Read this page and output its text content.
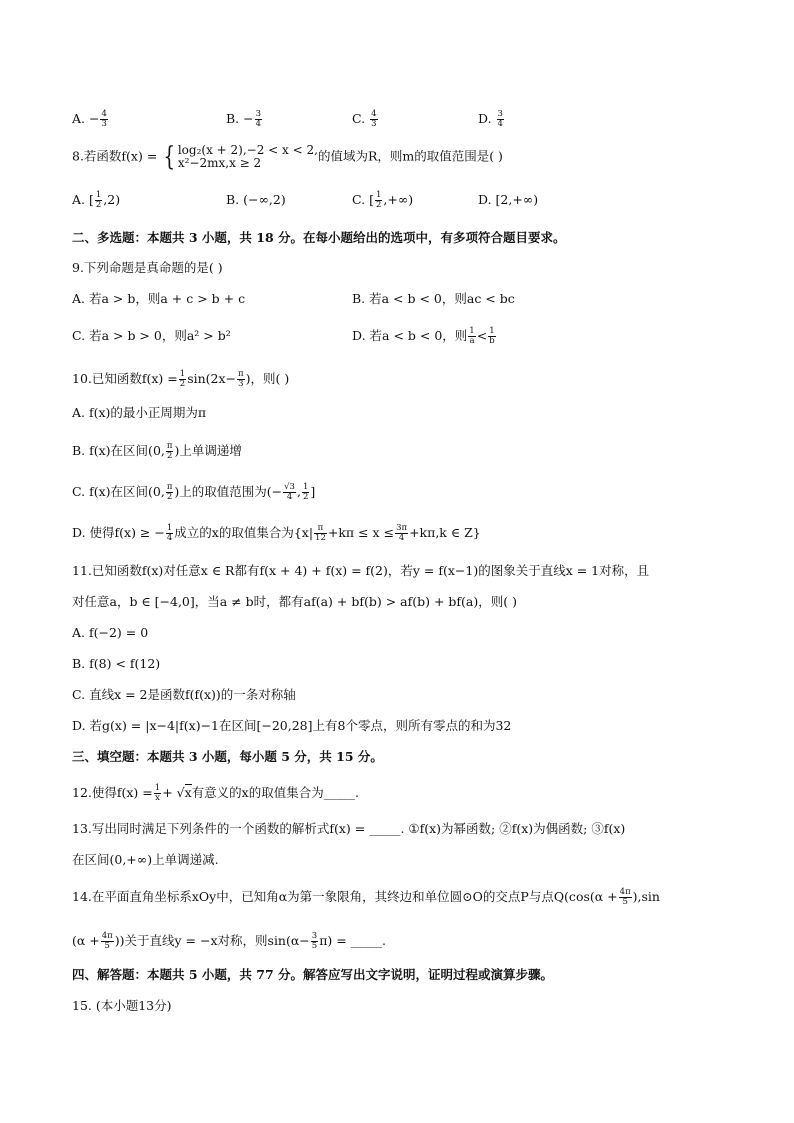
A. − $\frac{4}{3}$	B. − $\frac{3}{4}$	C. $\frac{4}{3}$	D. $\frac{3}{4}$
8.若函数f(x) = { log₂(x + 2),−2 < x < 2,
x²−2mx,x ≥ 2	的值域为R，则m的取值范围是( )
A. [ $\frac{1}{2} ,2$)	B. (−∞,2)	C. [ $\frac{1}{2}$ ,+∞)	D. [2,+∞)
二、多选题：本题共 3 小题，共 18 分。在每小题给出的选项中，有多项符合题目要求。
9.下列命题是真命题的是( )
A. 若a > b，则a + c > b + c	B. 若a < b < 0，则ac < bc
C. 若a > b > 0，则a² > b²	D. 若a < b < 0，则 $\frac{1}{a} < \frac{1}{b}$
10.已知函数$f(x) = \frac{1}{2} \sin(2x- \frac{\pi}{3}$ )，则( )
A. f(x)的最小正周期为π
B. f(x)在区间(0, $\frac{\pi}{2}$ )上单调递增
C. f(x)在区间(0, $\frac{\pi}{2}$ )上的取值范围为(− $\frac{√3}{4}$ , $\frac{1}{2}$ ]
D. 使得f(x) ≥ − $\frac{1}{4}$ 成立的x的取值集合为{$x| \frac{\pi}{12} +k\pi \le x \le \frac{3\pi}{4} +k\pi,k$ ∈ Z}
11.已知函数f(x)对任意x ∈ R都有f(x + 4) + f(x) = f(2)，若y = f(x−1)的图象关于直线x = 1对称，且
对任意a，b ∈ [−4,0]，当a ≠ b时，都有af(a) + bf(b) > af(b) + bf(a)，则( )
A. f(−2) = 0
B. f(8) < f(12)
C. 直线x = 2是函数f(f(x))的一条对称轴
D. 若g(x) = |x−4|f(x)−1在区间[−20,28]上有8个零点，则所有零点的和为32
三、填空题：本题共 3 小题，每小题 5 分，共 15 分。
12.使得$f(x) = \frac{1}{x} + √x$有意义的x的取值集合为_____.
13.写出同时满足下列条件的一个函数的解析式f(x) = _____. ①f(x)为幂函数; ②f(x)为偶函数; ③f(x)
在区间(0,+∞)上单调递减.
14.在平面直角坐标系xOy中，已知角α为第一象限角，其终边和单位圆⊙O的交点P与点$Q(\cos(\alpha + \frac{4\pi}{5} ),\sin$
($\alpha + \frac{4\pi}{5}$ ))关于直线y = −x对称，则$\sin(\alpha- \frac{3}{5} \pi)$ = _____.
四、解答题：本题共 5 小题，共 77 分。解答应写出文字说明，证明过程或演算步骤。
15. (本小题13分)
